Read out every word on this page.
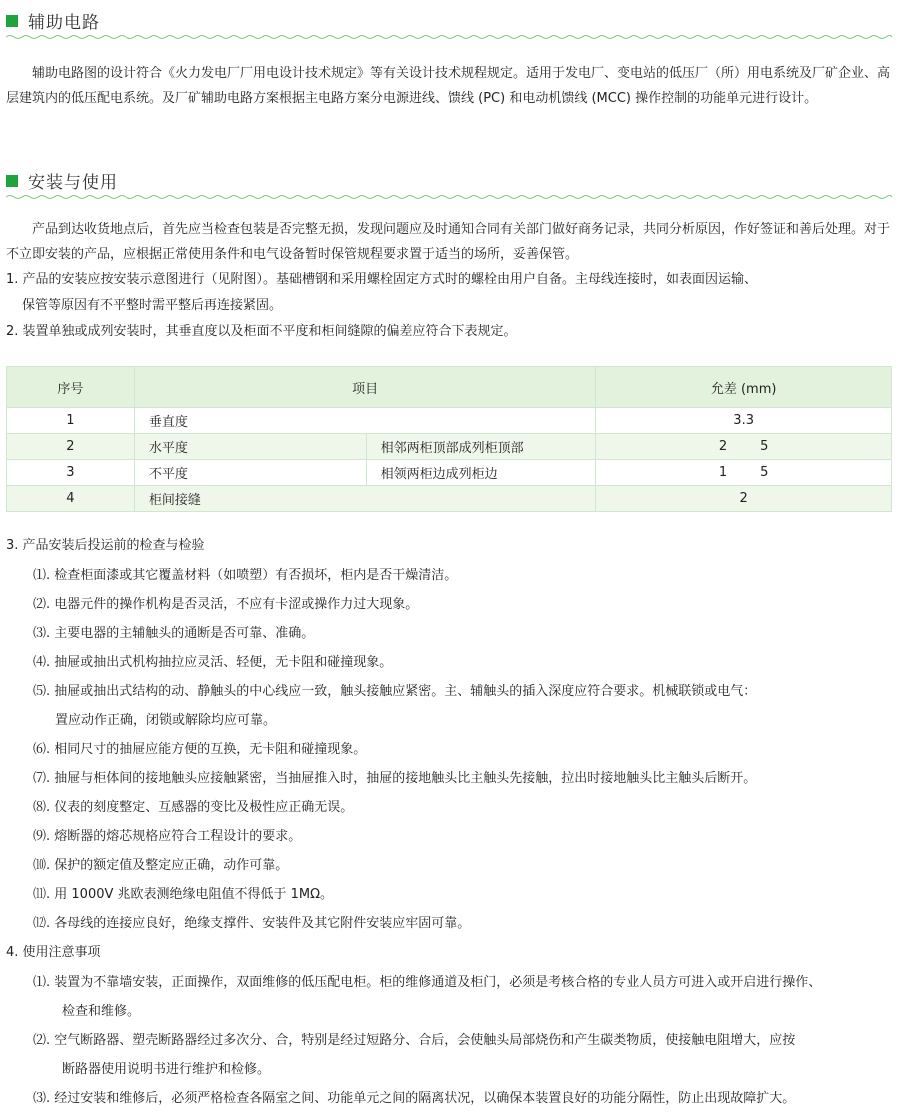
辅助电路
辅助电路图的设计符合《火力发电厂厂用电设计技术规定》等有关设计技术规程规定。适用于发电厂、变电站的低压厂（所）用电系统及厂矿企业、高层建筑内的低压配电系统。及厂矿辅助电路方案根据主电路方案分电源进线、馈线 (PC) 和电动机馈线 (MCC) 操作控制的功能单元进行设计。
安装与使用
产品到达收货地点后，首先应当检查包装是否完整无损，发现问题应及时通知合同有关部门做好商务记录，共同分析原因，作好签证和善后处理。对于不立即安装的产品，应根据正常使用条件和电气设备暂时保管规程要求置于适当的场所，妥善保管。
1. 产品的安装应按安装示意图进行（见附图）。基础槽钢和采用螺栓固定方式时的螺栓由用户自备。主母线连接时，如表面因运输、
保管等原因有不平整时需平整后再连接紧固。
2. 装置单独或成列安装时，其垂直度以及柜面不平度和柜间缝隙的偏差应符合下表规定。
序号	项目		允差 (mm)
1	垂直度		3.3
2	水平度	相邻两柜顶部成列柜顶部	2        5
3	不平度	相领两柜边成列柜边	1        5
4	柜间接缝		2
3. 产品安装后投运前的检查与检验
⑴. 检查柜面漆或其它覆盖材料（如喷塑）有否损坏，柜内是否干燥清洁。
⑵. 电器元件的操作机构是否灵活，不应有卡涩或操作力过大现象。
⑶. 主要电器的主辅触头的通断是否可靠、准确。
⑷. 抽屉或抽出式机构抽拉应灵活、轻便，无卡阻和碰撞现象。
⑸. 抽屉或抽出式结构的动、静触头的中心线应一致，触头接触应紧密。主、辅触头的插入深度应符合要求。机械联锁或电气：
置应动作正确，闭锁或解除均应可靠。
⑹. 相同尺寸的抽屉应能方便的互换，无卡阻和碰撞现象。
⑺. 抽屉与柜体间的接地触头应接触紧密，当抽屉推入时，抽屉的接地触头比主触头先接触，拉出时接地触头比主触头后断开。
⑻. 仪表的刻度整定、互感器的变比及极性应正确无误。
⑼. 熔断器的熔芯规格应符合工程设计的要求。
⑽. 保护的额定值及整定应正确，动作可靠。
⑾. 用 1000V 兆欧表测绝缘电阻值不得低于 1MΩ。
⑿. 各母线的连接应良好，绝缘支撑件、安装件及其它附件安装应牢固可靠。
4. 使用注意事项
⑴. 装置为不靠墙安装，正面操作，双面维修的低压配电柜。柜的维修通道及柜门，必须是考核合格的专业人员方可进入或开启进行操作、
检查和维修。
⑵. 空气断路器、塑壳断路器经过多次分、合，特别是经过短路分、合后，会使触头局部烧伤和产生碳类物质，使接触电阻增大，应按
断路器使用说明书进行维护和检修。
⑶. 经过安装和维修后，必须严格检查各隔室之间、功能单元之间的隔离状况，以确保本装置良好的功能分隔性，防止出现故障扩大。
